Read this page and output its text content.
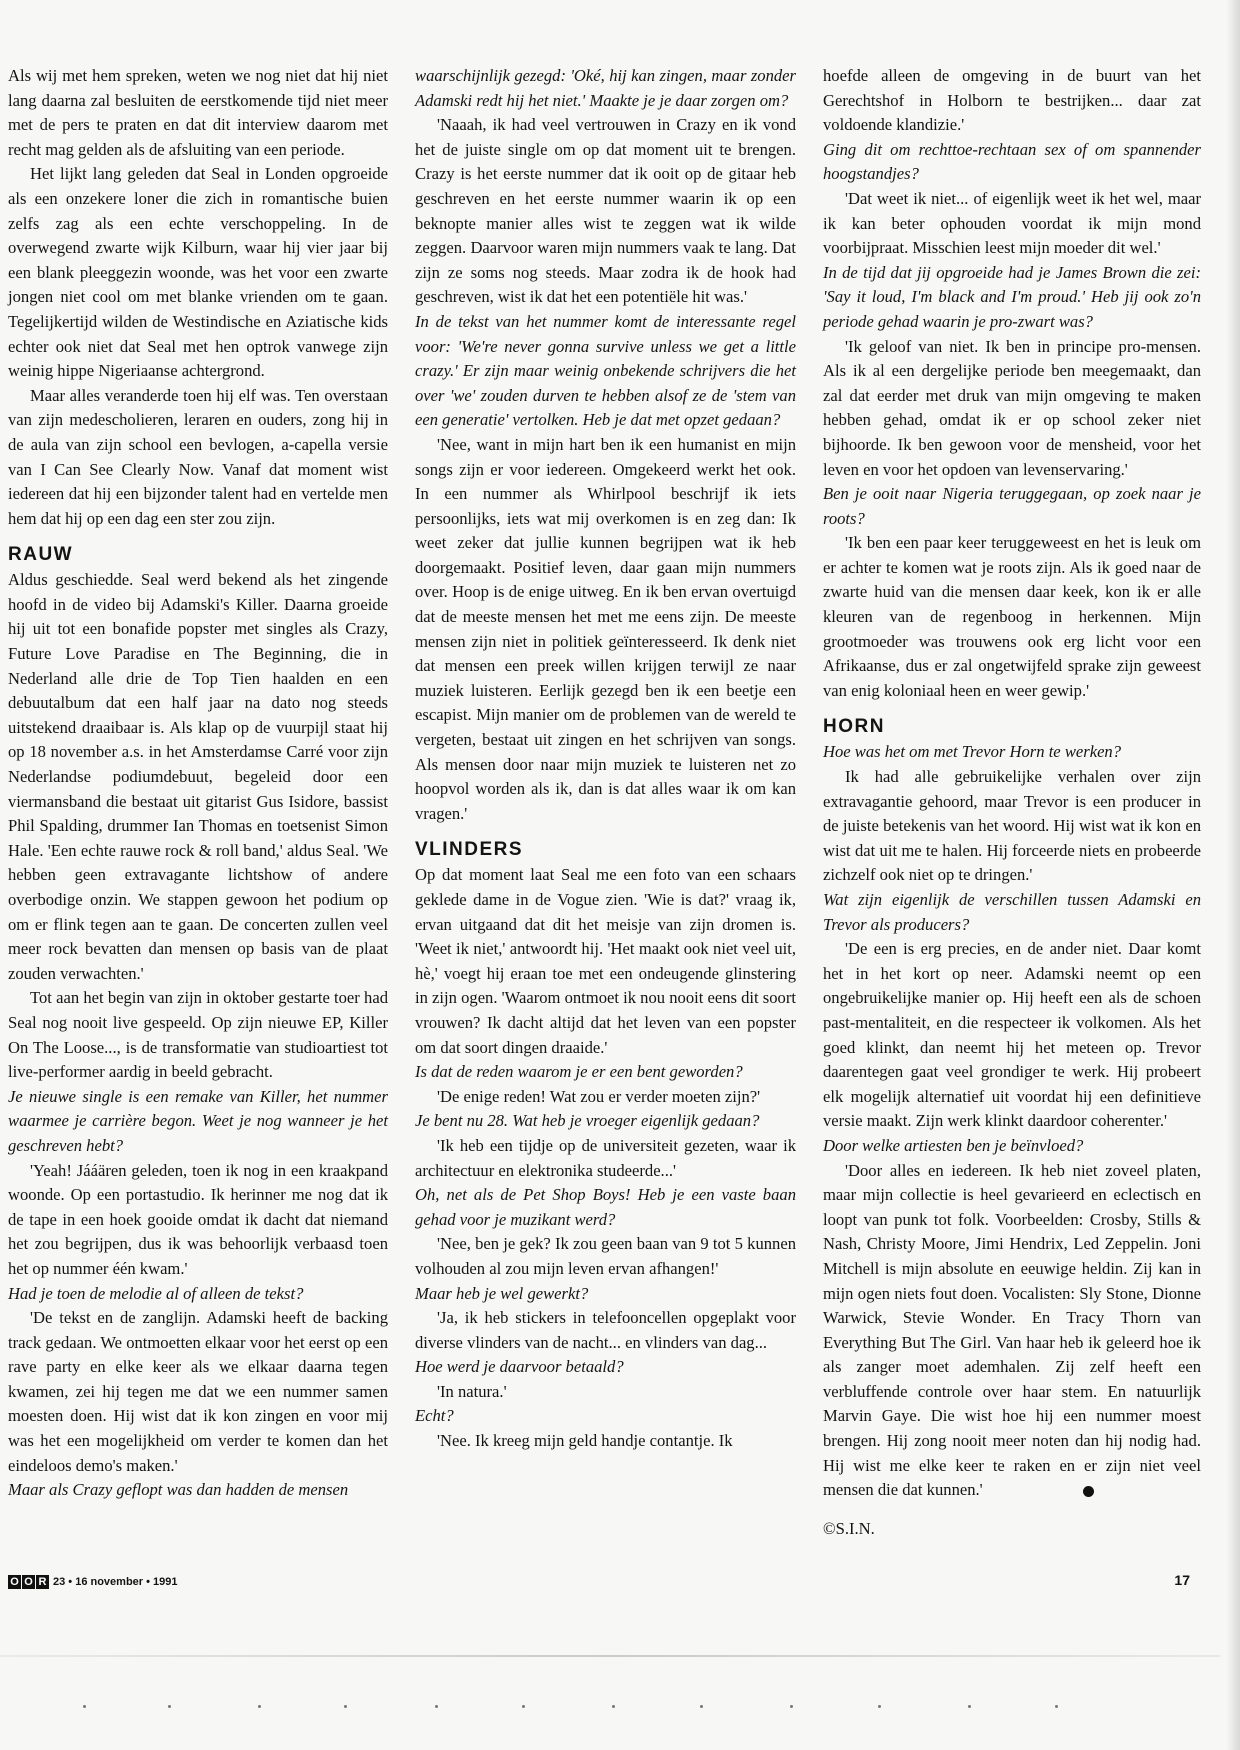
Als wij met hem spreken, weten we nog niet dat hij niet lang daarna zal besluiten de eerstkomende tijd niet meer met de pers te praten en dat dit interview daarom met recht mag gelden als de afsluiting van een periode.

Het lijkt lang geleden dat Seal in Londen opgroeide als een onzekere loner die zich in romantische buien zelfs zag als een echte verschoppeling. In de overwegend zwarte wijk Kilburn, waar hij vier jaar bij een blank pleeggezin woonde, was het voor een zwarte jongen niet cool om met blanke vrienden om te gaan. Tegelijkertijd wilden de Westindische en Aziatische kids echter ook niet dat Seal met hen optrok vanwege zijn weinig hippe Nigeriaanse achtergrond.

Maar alles veranderde toen hij elf was. Ten overstaan van zijn medescholieren, leraren en ouders, zong hij in de aula van zijn school een bevlogen, a-capella versie van I Can See Clearly Now. Vanaf dat moment wist iedereen dat hij een bijzonder talent had en vertelde men hem dat hij op een dag een ster zou zijn.

RAUW

Aldus geschiedde. Seal werd bekend als het zingende hoofd in de video bij Adamski's Killer. Daarna groeide hij uit tot een bonafide popster met singles als Crazy, Future Love Paradise en The Beginning, die in Nederland alle drie de Top Tien haalden en een debuutalbum dat een half jaar na dato nog steeds uitstekend draaibaar is. Als klap op de vuurpijl staat hij op 18 november a.s. in het Amsterdamse Carré voor zijn Nederlandse podiumdebuut, begeleid door een viermansband die bestaat uit gitarist Gus Isidore, bassist Phil Spalding, drummer Ian Thomas en toetsenist Simon Hale. 'Een echte rauwe rock & roll band,' aldus Seal. 'We hebben geen extravagante lichtshow of andere overbodige onzin. We stappen gewoon het podium op om er flink tegen aan te gaan. De concerten zullen veel meer rock bevatten dan mensen op basis van de plaat zouden verwachten.'

Tot aan het begin van zijn in oktober gestarte toer had Seal nog nooit live gespeeld. Op zijn nieuwe EP, Killer On The Loose..., is de transformatie van studioartiest tot live-performer aardig in beeld gebracht.

Je nieuwe single is een remake van Killer, het nummer waarmee je carrière begon. Weet je nog wanneer je het geschreven hebt?

'Yeah! Jááären geleden, toen ik nog in een kraakpand woonde. Op een portastudio. Ik herinner me nog dat ik de tape in een hoek gooide omdat ik dacht dat niemand het zou begrijpen, dus ik was behoorlijk verbaasd toen het op nummer één kwam.'

Had je toen de melodie al of alleen de tekst?

'De tekst en de zanglijn. Adamski heeft de backing track gedaan. We ontmoetten elkaar voor het eerst op een rave party en elke keer als we elkaar daarna tegen kwamen, zei hij tegen me dat we een nummer samen moesten doen. Hij wist dat ik kon zingen en voor mij was het een mogelijkheid om verder te komen dan het eindeloos demo's maken.'

Maar als Crazy geflopt was dan hadden de mensen

waarschijnlijk gezegd: 'Oké, hij kan zingen, maar zonder Adamski redt hij het niet.' Maakte je je daar zorgen om?

'Naaah, ik had veel vertrouwen in Crazy en ik vond het de juiste single om op dat moment uit te brengen. Crazy is het eerste nummer dat ik ooit op de gitaar heb geschreven en het eerste nummer waarin ik op een beknopte manier alles wist te zeggen wat ik wilde zeggen. Daarvoor waren mijn nummers vaak te lang. Dat zijn ze soms nog steeds. Maar zodra ik de hook had geschreven, wist ik dat het een potentiële hit was.'

In de tekst van het nummer komt de interessante regel voor: 'We're never gonna survive unless we get a little crazy.' Er zijn maar weinig onbekende schrijvers die het over 'we' zouden durven te hebben alsof ze de 'stem van een generatie' vertolken. Heb je dat met opzet gedaan?

'Nee, want in mijn hart ben ik een humanist en mijn songs zijn er voor iedereen. Omgekeerd werkt het ook. In een nummer als Whirlpool beschrijf ik iets persoonlijks, iets wat mij overkomen is en zeg dan: Ik weet zeker dat jullie kunnen begrijpen wat ik heb doorgemaakt. Positief leven, daar gaan mijn nummers over. Hoop is de enige uitweg. En ik ben ervan overtuigd dat de meeste mensen het met me eens zijn. De meeste mensen zijn niet in politiek geïnteresseerd. Ik denk niet dat mensen een preek willen krijgen terwijl ze naar muziek luisteren. Eerlijk gezegd ben ik een beetje een escapist. Mijn manier om de problemen van de wereld te vergeten, bestaat uit zingen en het schrijven van songs. Als mensen door naar mijn muziek te luisteren net zo hoopvol worden als ik, dan is dat alles waar ik om kan vragen.'

VLINDERS

Op dat moment laat Seal me een foto van een schaars geklede dame in de Vogue zien. 'Wie is dat?' vraag ik, ervan uitgaand dat dit het meisje van zijn dromen is. 'Weet ik niet,' antwoordt hij. 'Het maakt ook niet veel uit, hè,' voegt hij eraan toe met een ondeugende glinstering in zijn ogen. 'Waarom ontmoet ik nou nooit eens dit soort vrouwen? Ik dacht altijd dat het leven van een popster om dat soort dingen draaide.'

Is dat de reden waarom je er een bent geworden?

'De enige reden! Wat zou er verder moeten zijn?'

Je bent nu 28. Wat heb je vroeger eigenlijk gedaan?

'Ik heb een tijdje op de universiteit gezeten, waar ik architectuur en elektronika studeerde...'

Oh, net als de Pet Shop Boys! Heb je een vaste baan gehad voor je muzikant werd?

'Nee, ben je gek? Ik zou geen baan van 9 tot 5 kunnen volhouden al zou mijn leven ervan afhangen!'

Maar heb je wel gewerkt?

'Ja, ik heb stickers in telefooncellen opgeplakt voor diverse vlinders van de nacht... en vlinders van dag...

Hoe werd je daarvoor betaald?

'In natura.'

Echt?

'Nee. Ik kreeg mijn geld handje contantje. Ik

hoefde alleen de omgeving in de buurt van het Gerechtshof in Holborn te bestrijken... daar zat voldoende klandizie.'

Ging dit om rechttoe-rechtaan sex of om spannender hoogstandjes?

'Dat weet ik niet... of eigenlijk weet ik het wel, maar ik kan beter ophouden voordat ik mijn mond voorbijpraat. Misschien leest mijn moeder dit wel.'

In de tijd dat jij opgroeide had je James Brown die zei: 'Say it loud, I'm black and I'm proud.' Heb jij ook zo'n periode gehad waarin je pro-zwart was?

'Ik geloof van niet. Ik ben in principe pro-mensen. Als ik al een dergelijke periode ben meegemaakt, dan zal dat eerder met druk van mijn omgeving te maken hebben gehad, omdat ik er op school zeker niet bijhoorde. Ik ben gewoon voor de mensheid, voor het leven en voor het opdoen van levenservaring.'

Ben je ooit naar Nigeria teruggegaan, op zoek naar je roots?

'Ik ben een paar keer teruggeweest en het is leuk om er achter te komen wat je roots zijn. Als ik goed naar de zwarte huid van die mensen daar keek, kon ik er alle kleuren van de regenboog in herkennen. Mijn grootmoeder was trouwens ook erg licht voor een Afrikaanse, dus er zal ongetwijfeld sprake zijn geweest van enig koloniaal heen en weer gewip.'

HORN

Hoe was het om met Trevor Horn te werken?

Ik had alle gebruikelijke verhalen over zijn extravagantie gehoord, maar Trevor is een producer in de juiste betekenis van het woord. Hij wist wat ik kon en wist dat uit me te halen. Hij forceerde niets en probeerde zichzelf ook niet op te dringen.'

Wat zijn eigenlijk de verschillen tussen Adamski en Trevor als producers?

'De een is erg precies, en de ander niet. Daar komt het in het kort op neer. Adamski neemt op een ongebruikelijke manier op. Hij heeft een als de schoen past-mentaliteit, en die respecteer ik volkomen. Als het goed klinkt, dan neemt hij het meteen op. Trevor daarentegen gaat veel grondiger te werk. Hij probeert elk mogelijk alternatief uit voordat hij een definitieve versie maakt. Zijn werk klinkt daardoor coherenter.'

Door welke artiesten ben je beïnvloed?

'Door alles en iedereen. Ik heb niet zoveel platen, maar mijn collectie is heel gevarieerd en eclectisch en loopt van punk tot folk. Voorbeelden: Crosby, Stills & Nash, Christy Moore, Jimi Hendrix, Led Zeppelin. Joni Mitchell is mijn absolute en eeuwige heldin. Zij kan in mijn ogen niets fout doen. Vocalisten: Sly Stone, Dionne Warwick, Stevie Wonder. En Tracy Thorn van Everything But The Girl. Van haar heb ik geleerd hoe ik als zanger moet ademhalen. Zij zelf heeft een verbluffende controle over haar stem. En natuurlijk Marvin Gaye. Die wist hoe hij een nummer moest brengen. Hij zong nooit meer noten dan hij nodig had. Hij wist me elke keer te raken en er zijn niet veel mensen die dat kunnen.'

©S.I.N.

O O R 23 • 16 november • 1991	17
